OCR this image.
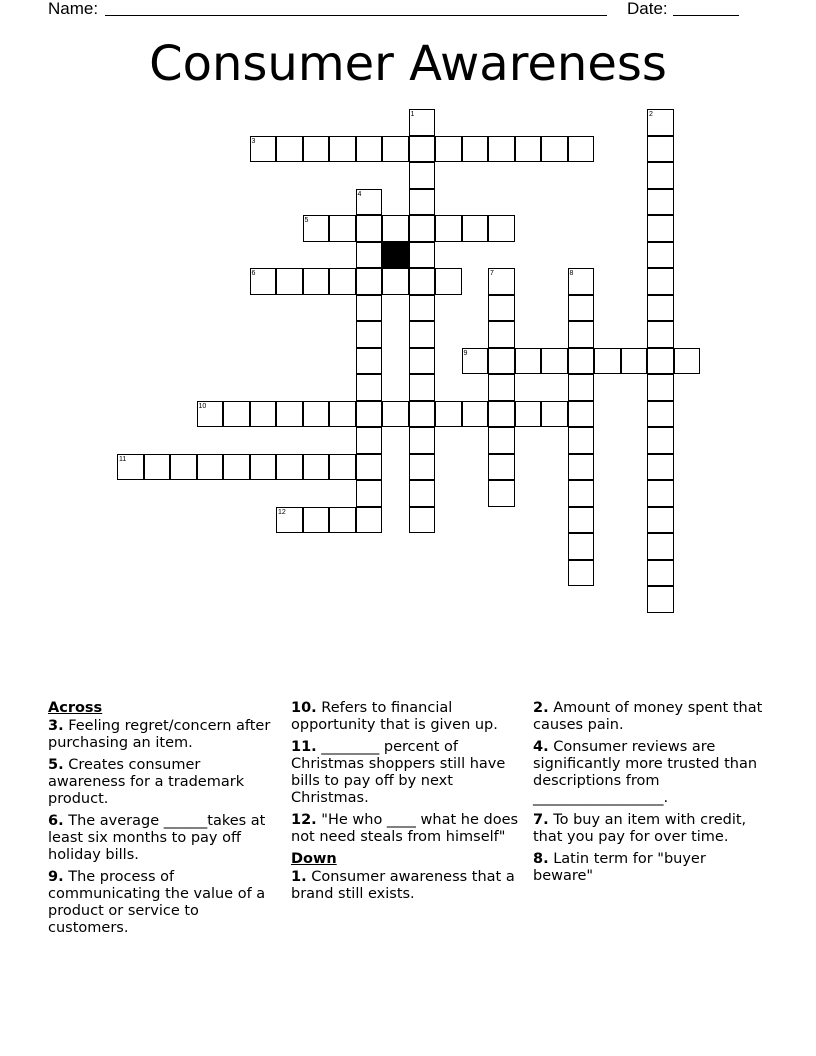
Name:	Date:
Consumer Awareness
1	2
3
4
5
6	7	8
9
10
11
12
Across
3. Feeling regret/concern after purchasing an item.
5. Creates consumer awareness for a trademark product.
6. The average ______takes at least six months to pay off holiday bills.
9. The process of communicating the value of a product or service to customers.
10. Refers to financial opportunity that is given up.
11. ________ percent of Christmas shoppers still have bills to pay off by next Christmas.
12. "He who ____ what he does not need steals from himself"
Down
1. Consumer awareness that a brand still exists.
2. Amount of money spent that causes pain.
4. Consumer reviews are significantly more trusted than descriptions from __________________.
7. To buy an item with credit, that you pay for over time.
8. Latin term for "buyer beware"
